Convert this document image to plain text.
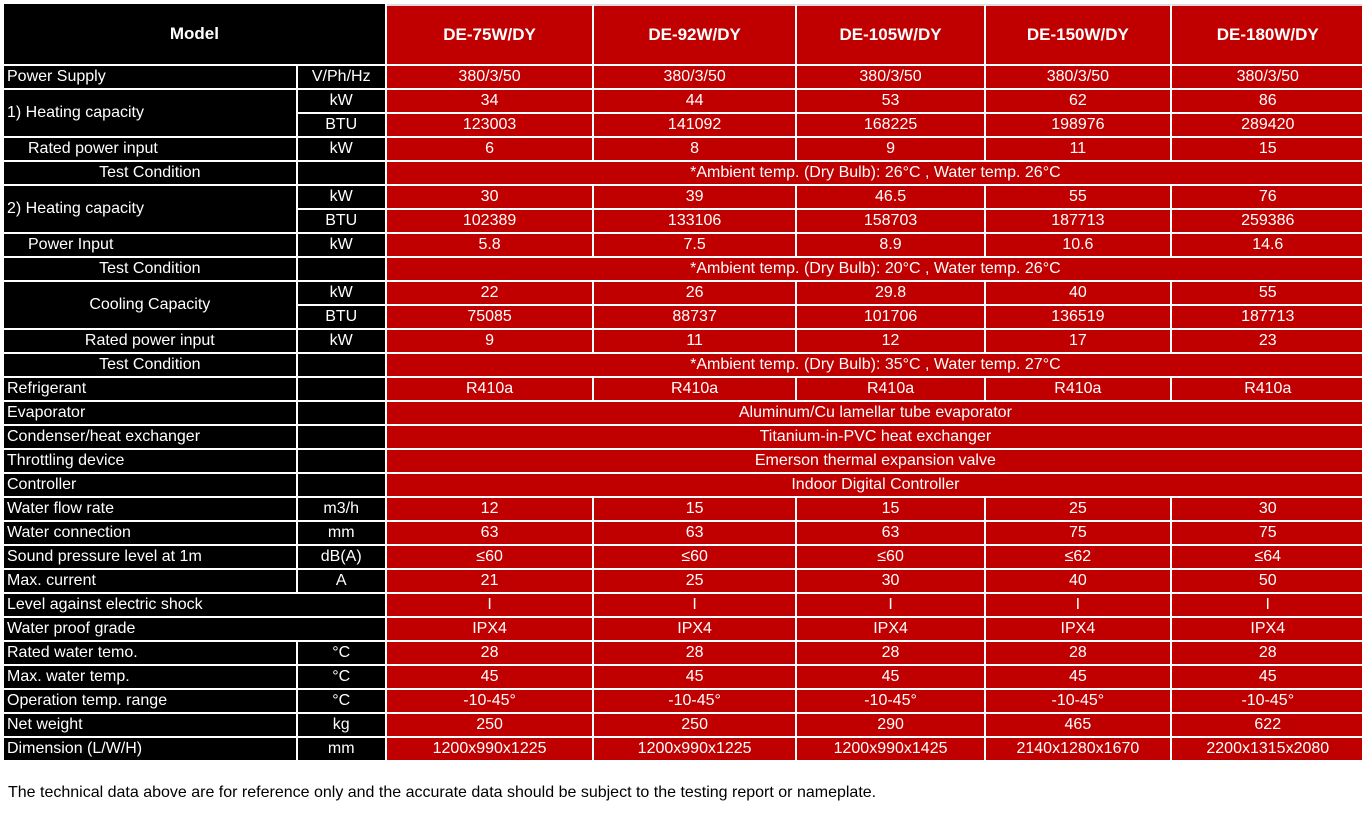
Model		DE-75W/DY	DE-92W/DY	DE-105W/DY	DE-150W/DY	DE-180W/DY
Power Supply	V/Ph/Hz	380/3/50	380/3/50	380/3/50	380/3/50	380/3/50
1) Heating capacity	kW	34	44	53	62	86
	BTU	123003	141092	168225	198976	289420
Rated power input	kW	6	8	9	11	15
Test Condition		*Ambient temp. (Dry Bulb): 26°C , Water temp. 26°C				
2) Heating capacity	kW	30	39	46.5	55	76
	BTU	102389	133106	158703	187713	259386
Power Input	kW	5.8	7.5	8.9	10.6	14.6
Test Condition		*Ambient temp. (Dry Bulb): 20°C , Water temp. 26°C				
Cooling Capacity	kW	22	26	29.8	40	55
	BTU	75085	88737	101706	136519	187713
Rated power input	kW	9	11	12	17	23
Test Condition		*Ambient temp. (Dry Bulb): 35°C , Water temp. 27°C				
Refrigerant		R410a	R410a	R410a	R410a	R410a
Evaporator		Aluminum/Cu lamellar tube evaporator				
Condenser/heat exchanger		Titanium-in-PVC heat exchanger				
Throttling device		Emerson thermal expansion valve				
Controller		Indoor Digital Controller				
Water flow rate	m3/h	12	15	15	25	30
Water connection	mm	63	63	63	75	75
Sound pressure level at 1m	dB(A)	≤60	≤60	≤60	≤62	≤64
Max. current	A	21	25	30	40	50
Level against electric shock		I	I	I	I	I
Water proof grade		IPX4	IPX4	IPX4	IPX4	IPX4
Rated water temo.	°C	28	28	28	28	28
Max. water temp.	°C	45	45	45	45	45
Operation temp. range	°C	-10-45°	-10-45°	-10-45°	-10-45°	-10-45°
Net weight	kg	250	250	290	465	622
Dimension (L/W/H)	mm	1200x990x1225	1200x990x1225	1200x990x1425	2140x1280x1670	2200x1315x2080
The technical data above are for reference only and the accurate data should be subject to the testing report or nameplate.
